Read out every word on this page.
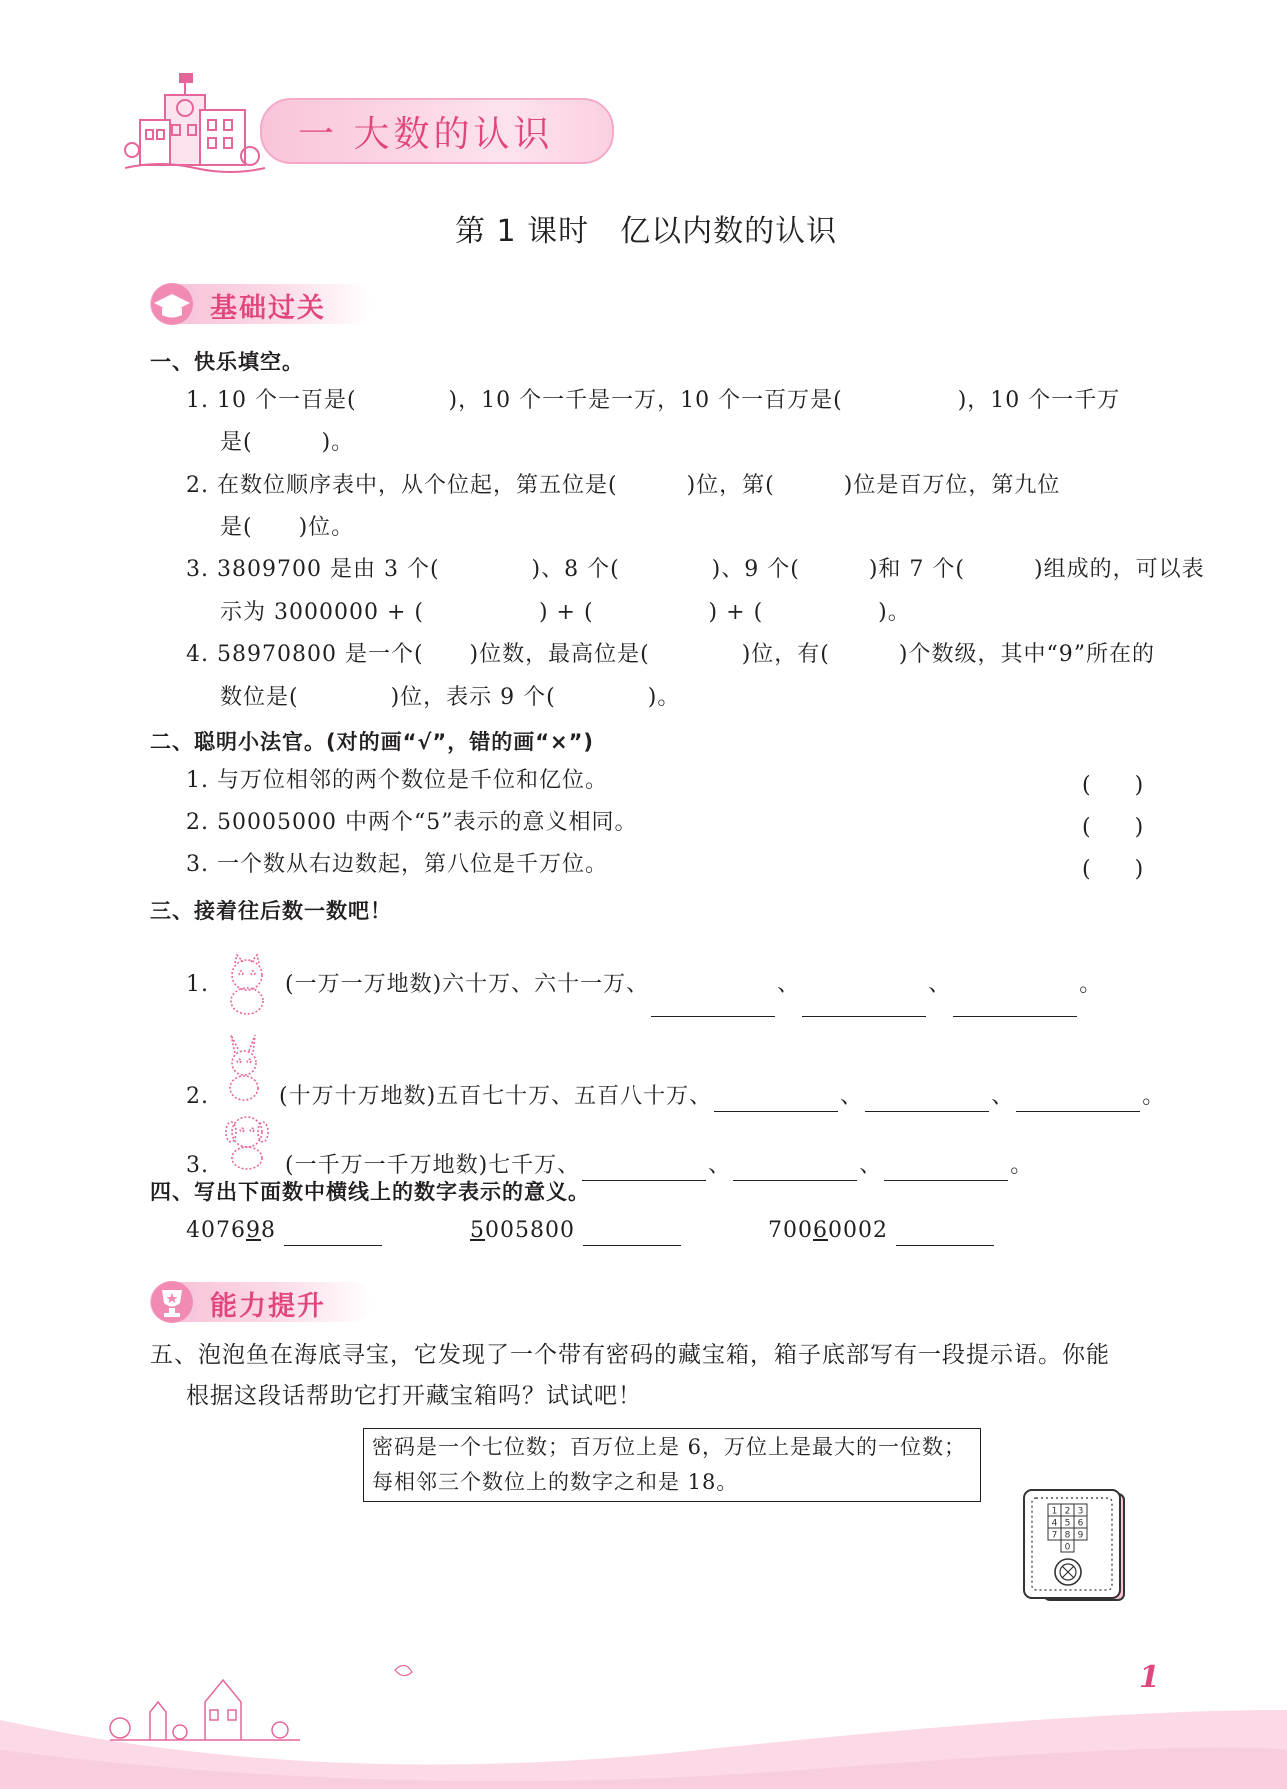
一 大数的认识
第 1 课时　亿以内数的认识
基础过关
一、快乐填空。
1. 10 个一百是(　　　　)，10 个一千是一万，10 个一百万是(　　　　　)，10 个一千万
是(　　　)。
2. 在数位顺序表中，从个位起，第五位是(　　　)位，第(　　　)位是百万位，第九位
是(　　)位。
3. 3809700 是由 3 个(　　　　)、8 个(　　　　)、9 个(　　　)和 7 个(　　　)组成的，可以表
示为 3000000 + (　　　　　) + (　　　　　) + (　　　　　)。
4. 58970800 是一个(　　)位数，最高位是(　　　　)位，有(　　　)个数级，其中“9”所在的
数位是(　　　　)位，表示 9 个(　　　　)。
二、聪明小法官。(对的画“√”，错的画“×”)
1. 与万位相邻的两个数位是千位和亿位。	(　　)
2. 50005000 中两个“5”表示的意义相同。	(　　)
3. 一个数从右边数起，第八位是千万位。	(　　)
三、接着往后数一数吧！
1.	(一万一万地数)六十万、六十一万、	、	、	。
2.	(十万十万地数)五百七十万、五百八十万、	、	、	。
3.	(一千万一千万地数)七千万、	、	、	。
四、写出下面数中横线上的数字表示的意义。
407698	5005800	70060002
能力提升
五、泡泡鱼在海底寻宝，它发现了一个带有密码的藏宝箱，箱子底部写有一段提示语。你能
根据这段话帮助它打开藏宝箱吗？试试吧！
密码是一个七位数；百万位上是 6，万位上是最大的一位数；
每相邻三个数位上的数字之和是 18。
1 2 3
4 5 6
7 8 9
0
1
